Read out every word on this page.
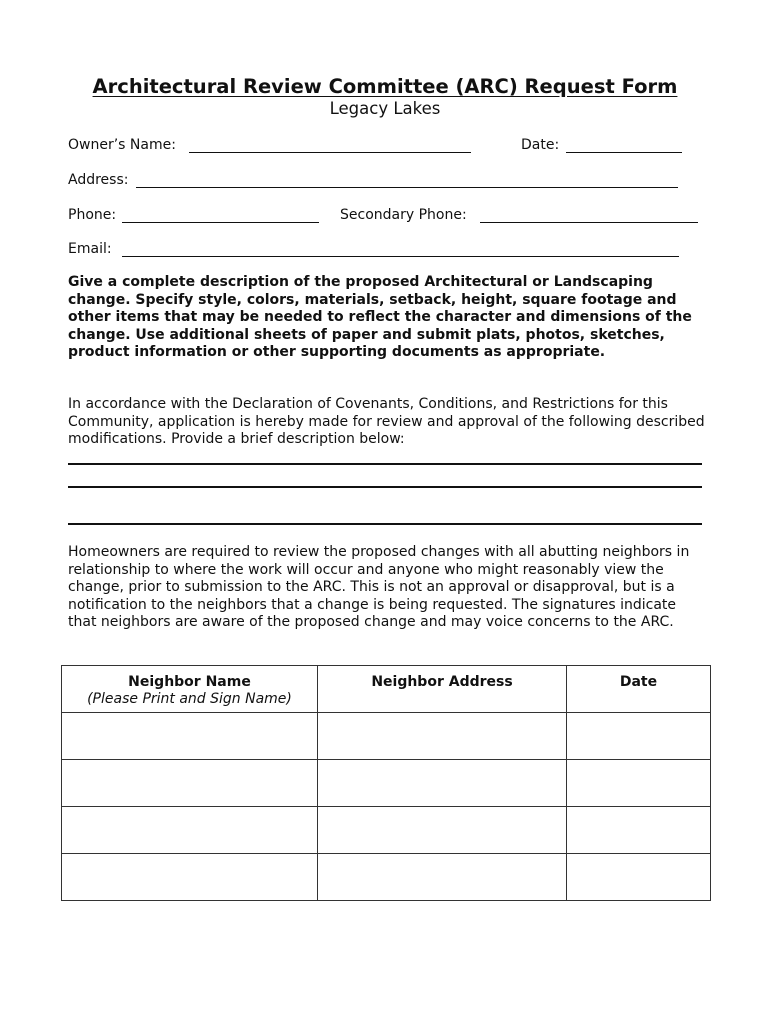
Architectural Review Committee (ARC) Request Form
Legacy Lakes
Owner’s Name:	Date:
Address:
Phone:	Secondary Phone:
Email:
Give a complete description of the proposed Architectural or Landscaping change. Specify style, colors, materials, setback, height, square footage and other items that may be needed to reflect the character and dimensions of the change. Use additional sheets of paper and submit plats, photos, sketches, product information or other supporting documents as appropriate.
In accordance with the Declaration of Covenants, Conditions, and Restrictions for this Community, application is hereby made for review and approval of the following described modifications. Provide a brief description below:
Homeowners are required to review the proposed changes with all abutting neighbors in relationship to where the work will occur and anyone who might reasonably view the change, prior to submission to the ARC. This is not an approval or disapproval, but is a notification to the neighbors that a change is being requested. The signatures indicate that neighbors are aware of the proposed change and may voice concerns to the ARC.
Neighbor Name
(Please Print and Sign Name)	Neighbor Address	Date
